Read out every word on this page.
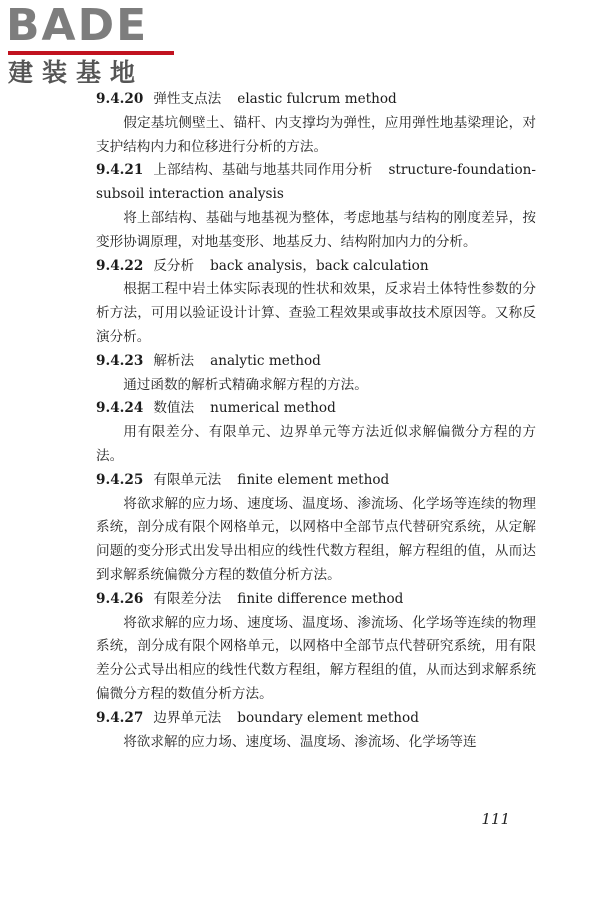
BADE
建装基地

9.4.20 弹性支点法 elastic fulcrum method

假定基坑侧壁土、锚杆、内支撑均为弹性，应用弹性地基梁理论，对支护结构内力和位移进行分析的方法。

9.4.21 上部结构、基础与地基共同作用分析 structure-foundation-subsoil interaction analysis

将上部结构、基础与地基视为整体，考虑地基与结构的刚度差异，按变形协调原理，对地基变形、地基反力、结构附加内力的分析。

9.4.22 反分析 back analysis，back calculation

根据工程中岩土体实际表现的性状和效果，反求岩土体特性参数的分析方法，可用以验证设计计算、查验工程效果或事故技术原因等。又称反演分析。

9.4.23 解析法 analytic method

通过函数的解析式精确求解方程的方法。

9.4.24 数值法 numerical method

用有限差分、有限单元、边界单元等方法近似求解偏微分方程的方法。

9.4.25 有限单元法 finite element method

将欲求解的应力场、速度场、温度场、渗流场、化学场等连续的物理系统，剖分成有限个网格单元，以网格中全部节点代替研究系统，从定解问题的变分形式出发导出相应的线性代数方程组，解方程组的值，从而达到求解系统偏微分方程的数值分析方法。

9.4.26 有限差分法 finite difference method

将欲求解的应力场、速度场、温度场、渗流场、化学场等连续的物理系统，剖分成有限个网格单元，以网格中全部节点代替研究系统，用有限差分公式导出相应的线性代数方程组，解方程组的值，从而达到求解系统偏微分方程的数值分析方法。

9.4.27 边界单元法 boundary element method

将欲求解的应力场、速度场、温度场、渗流场、化学场等连

111
